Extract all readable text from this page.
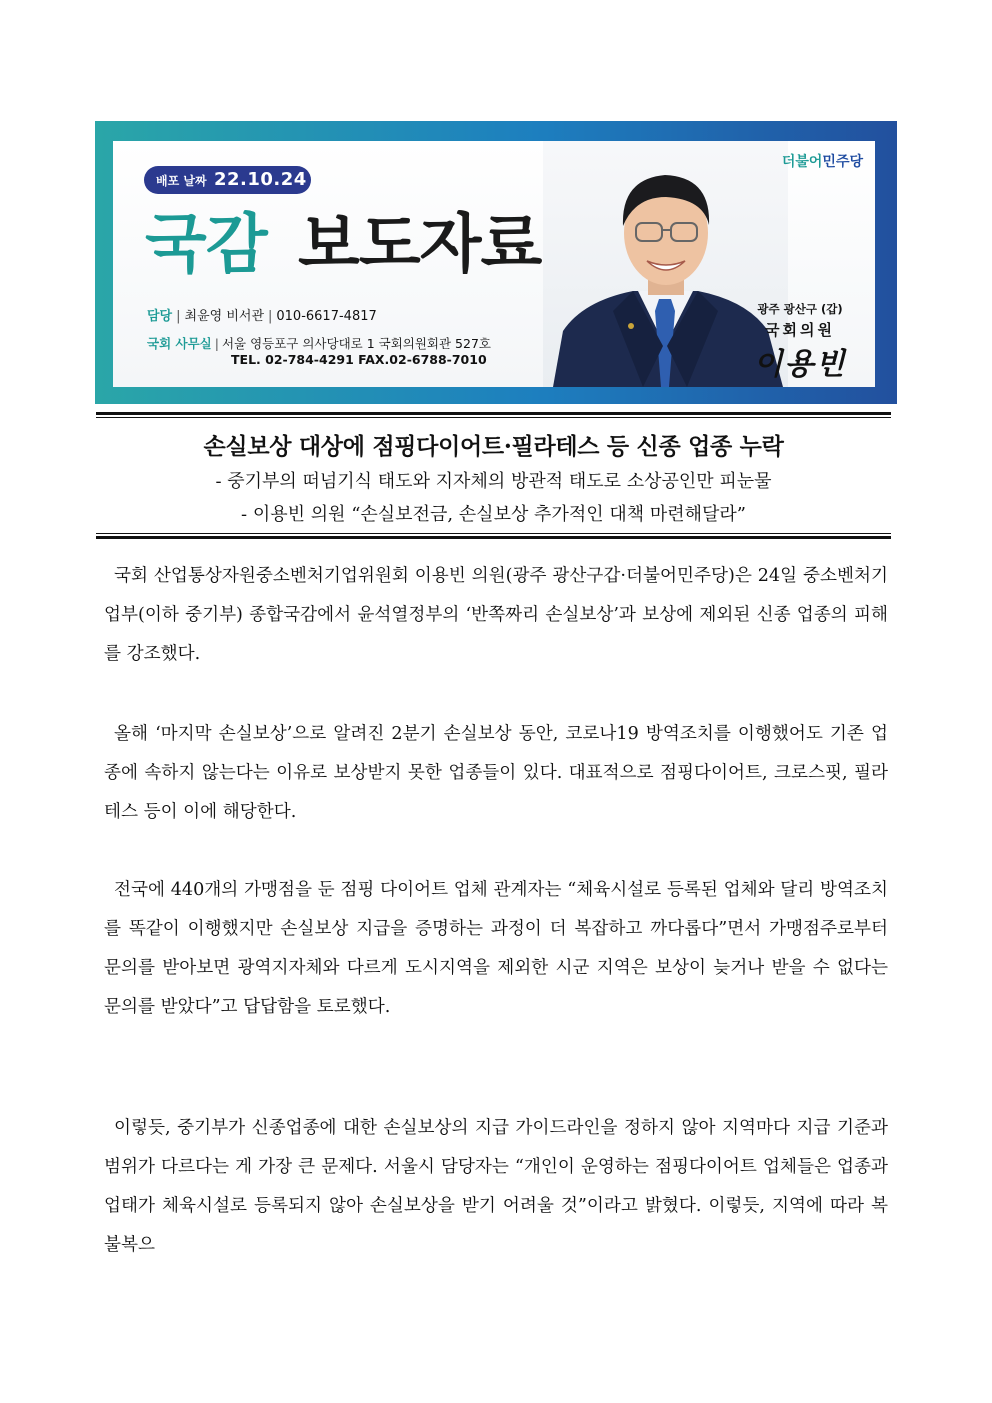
배포 날짜 22.10.24
국감 보도자료
담당 | 최윤영 비서관 | 010-6617-4817
국회 사무실 | 서울 영등포구 의사당대로 1 국회의원회관 527호
TEL. 02-784-4291 FAX.02-6788-7010
더불어민주당
광주 광산구 (갑)
국회의원
이용빈
손실보상 대상에 점핑다이어트·필라테스 등 신종 업종 누락
- 중기부의 떠넘기식 태도와 지자체의 방관적 태도로 소상공인만 피눈물
- 이용빈 의원 “손실보전금, 손실보상 추가적인 대책 마련해달라”

국회 산업통상자원중소벤처기업위원회 이용빈 의원(광주 광산구갑·더불어민주당)은 24일 중소벤처기업부(이하 중기부) 종합국감에서 윤석열정부의 ‘반쪽짜리 손실보상’과 보상에 제외된 신종 업종의 피해를 강조했다.

올해 ‘마지막 손실보상’으로 알려진 2분기 손실보상 동안, 코로나19 방역조치를 이행했어도 기존 업종에 속하지 않는다는 이유로 보상받지 못한 업종들이 있다. 대표적으로 점핑다이어트, 크로스핏, 필라테스 등이 이에 해당한다.

전국에 440개의 가맹점을 둔 점핑 다이어트 업체 관계자는 “체육시설로 등록된 업체와 달리 방역조치를 똑같이 이행했지만 손실보상 지급을 증명하는 과정이 더 복잡하고 까다롭다”면서 가맹점주로부터 문의를 받아보면 광역지자체와 다르게 도시지역을 제외한 시군 지역은 보상이 늦거나 받을 수 없다는 문의를 받았다”고 답답함을 토로했다.

이렇듯, 중기부가 신종업종에 대한 손실보상의 지급 가이드라인을 정하지 않아 지역마다 지급 기준과 범위가 다르다는 게 가장 큰 문제다. 서울시 담당자는 “개인이 운영하는 점핑다이어트 업체들은 업종과 업태가 체육시설로 등록되지 않아 손실보상을 받기 어려울 것”이라고 밝혔다. 이렇듯, 지역에 따라 복불복으
